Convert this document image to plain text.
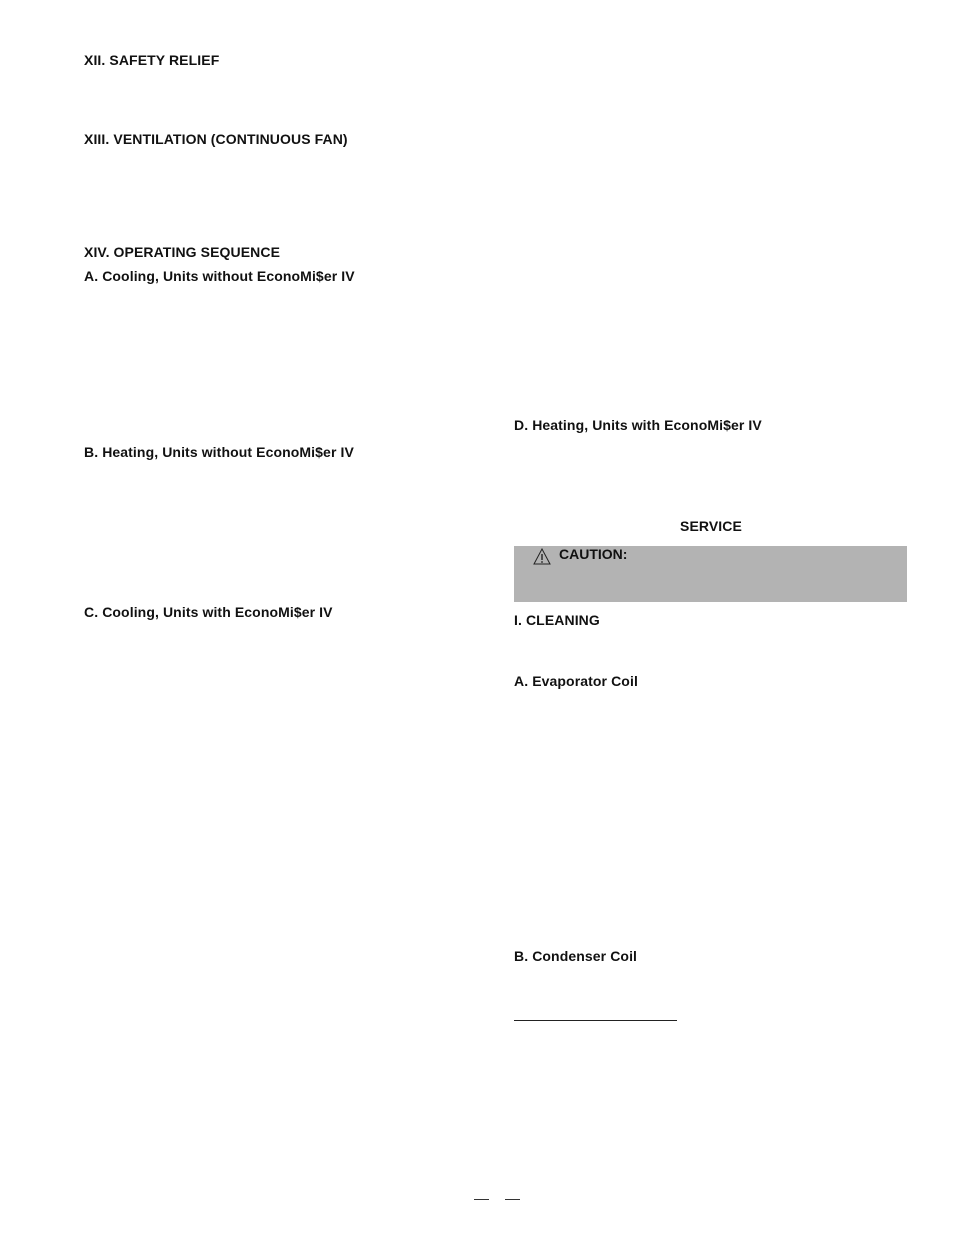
XII. SAFETY RELIEF
XIII. VENTILATION (CONTINUOUS FAN)
XIV. OPERATING SEQUENCE
A. Cooling, Units without EconoMi$er IV
B. Heating, Units without EconoMi$er IV
C. Cooling, Units with EconoMi$er IV
D. Heating, Units with EconoMi$er IV
SERVICE
CAUTION:
I. CLEANING
A. Evaporator Coil
B. Condenser Coil
